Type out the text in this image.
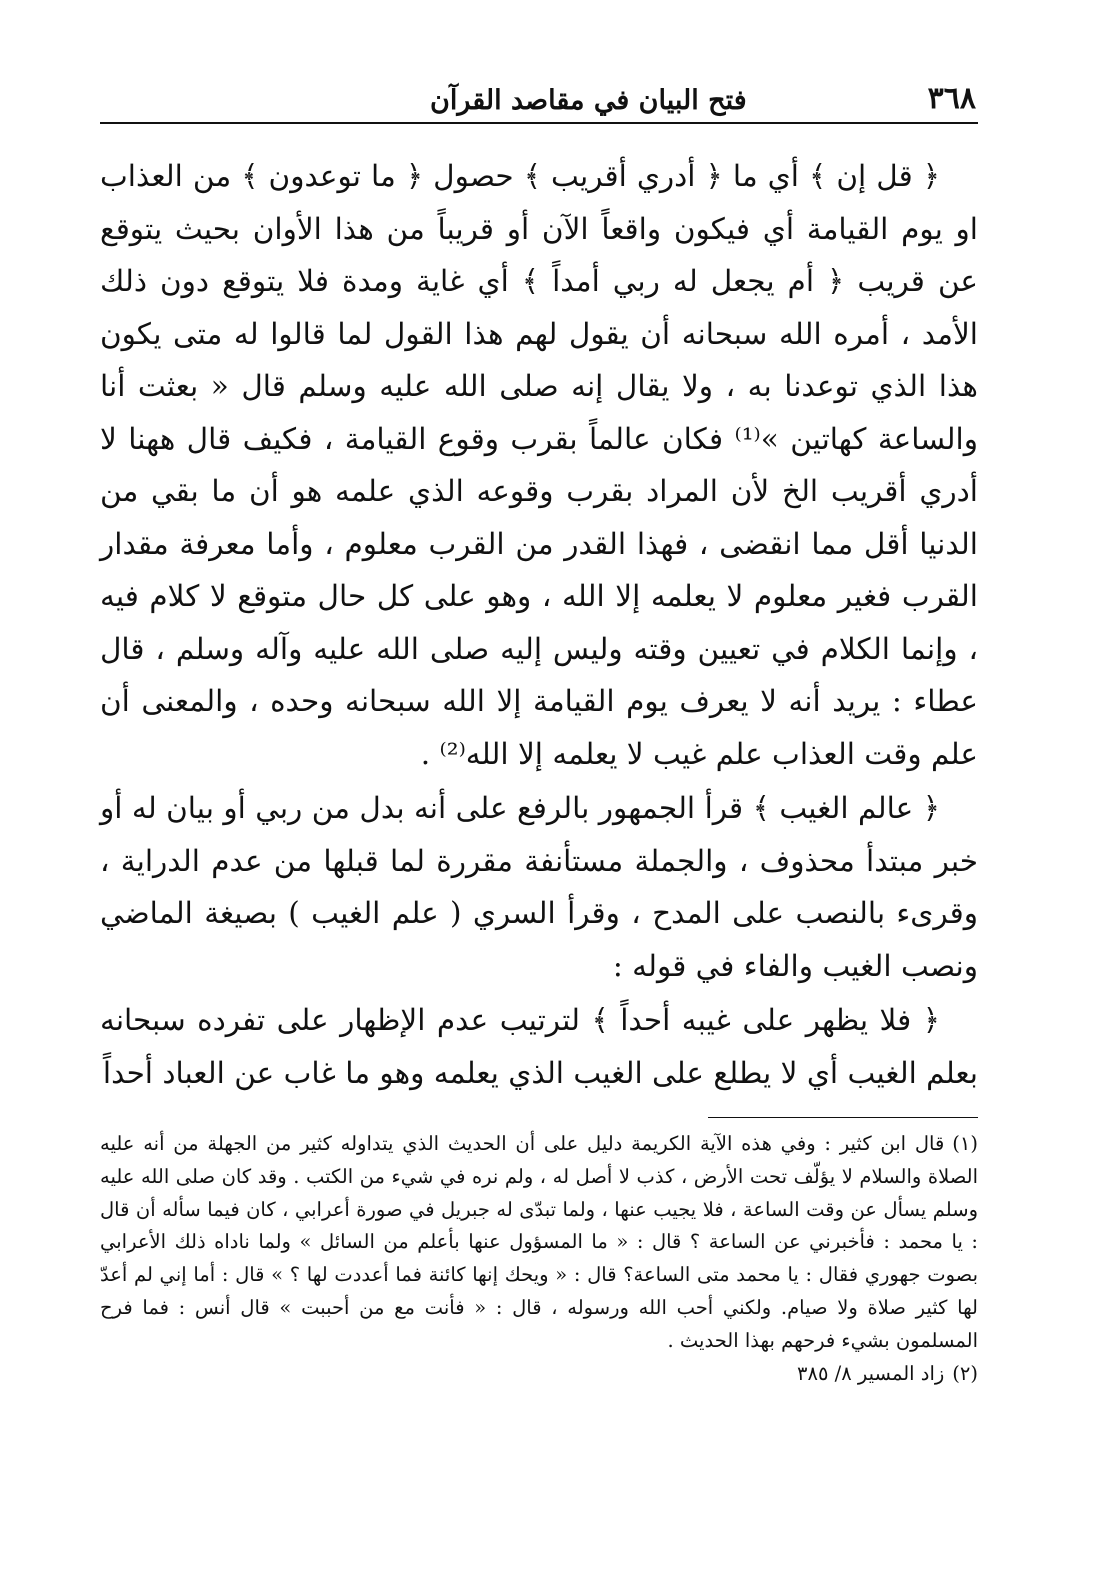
٣٦٨
فتح البيان في مقاصد القرآن

﴿ قل إن ﴾ أي ما ﴿ أدري أقريب ﴾ حصول ﴿ ما توعدون ﴾ من العذاب او يوم القيامة أي فيكون واقعاً الآن أو قريباً من هذا الأوان بحيث يتوقع عن قريب ﴿ أم يجعل له ربي أمداً ﴾ أي غاية ومدة فلا يتوقع دون ذلك الأمد ، أمره الله سبحانه أن يقول لهم هذا القول لما قالوا له متى يكون هذا الذي توعدنا به ، ولا يقال إنه صلى الله عليه وسلم قال « بعثت أنا والساعة كهاتين »⁽¹⁾ فكان عالماً بقرب وقوع القيامة ، فكيف قال ههنا لا أدري أقريب الخ لأن المراد بقرب وقوعه الذي علمه هو أن ما بقي من الدنيا أقل مما انقضى ، فهذا القدر من القرب معلوم ، وأما معرفة مقدار القرب فغير معلوم لا يعلمه إلا الله ، وهو على كل حال متوقع لا كلام فيه ، وإنما الكلام في تعيين وقته وليس إليه صلى الله عليه وآله وسلم ، قال عطاء : يريد أنه لا يعرف يوم القيامة إلا الله سبحانه وحده ، والمعنى أن علم وقت العذاب علم غيب لا يعلمه إلا الله⁽²⁾ .

﴿ عالم الغيب ﴾ قرأ الجمهور بالرفع على أنه بدل من ربي أو بيان له أو خبر مبتدأ محذوف ، والجملة مستأنفة مقررة لما قبلها من عدم الدراية ، وقرىء بالنصب على المدح ، وقرأ السري ( علم الغيب ) بصيغة الماضي ونصب الغيب والفاء في قوله :

﴿ فلا يظهر على غيبه أحداً ﴾ لترتيب عدم الإظهار على تفرده سبحانه بعلم الغيب أي لا يطلع على الغيب الذي يعلمه وهو ما غاب عن العباد أحداً

(١)قال ابن كثير : وفي هذه الآية الكريمة دليل على أن الحديث الذي يتداوله كثير من الجهلة من أنه عليه الصلاة والسلام لا يؤلّف تحت الأرض ، كذب لا أصل له ، ولم نره في شيء من الكتب . وقد كان صلى الله عليه وسلم يسأل عن وقت الساعة ، فلا يجيب عنها ، ولما تبدّى له جبريل في صورة أعرابي ، كان فيما سأله أن قال : يا محمد : فأخبرني عن الساعة ؟ قال : « ما المسؤول عنها بأعلم من السائل » ولما ناداه ذلك الأعرابي بصوت جهوري فقال : يا محمد متى الساعة؟ قال : « ويحك إنها كائنة فما أعددت لها ؟ » قال : أما إني لم أعدّ لها كثير صلاة ولا صيام. ولكني أحب الله ورسوله ، قال : « فأنت مع من أحببت » قال أنس : فما فرح المسلمون بشيء فرحهم بهذا الحديث .

(٢)زاد المسير ٨/ ٣٨٥
